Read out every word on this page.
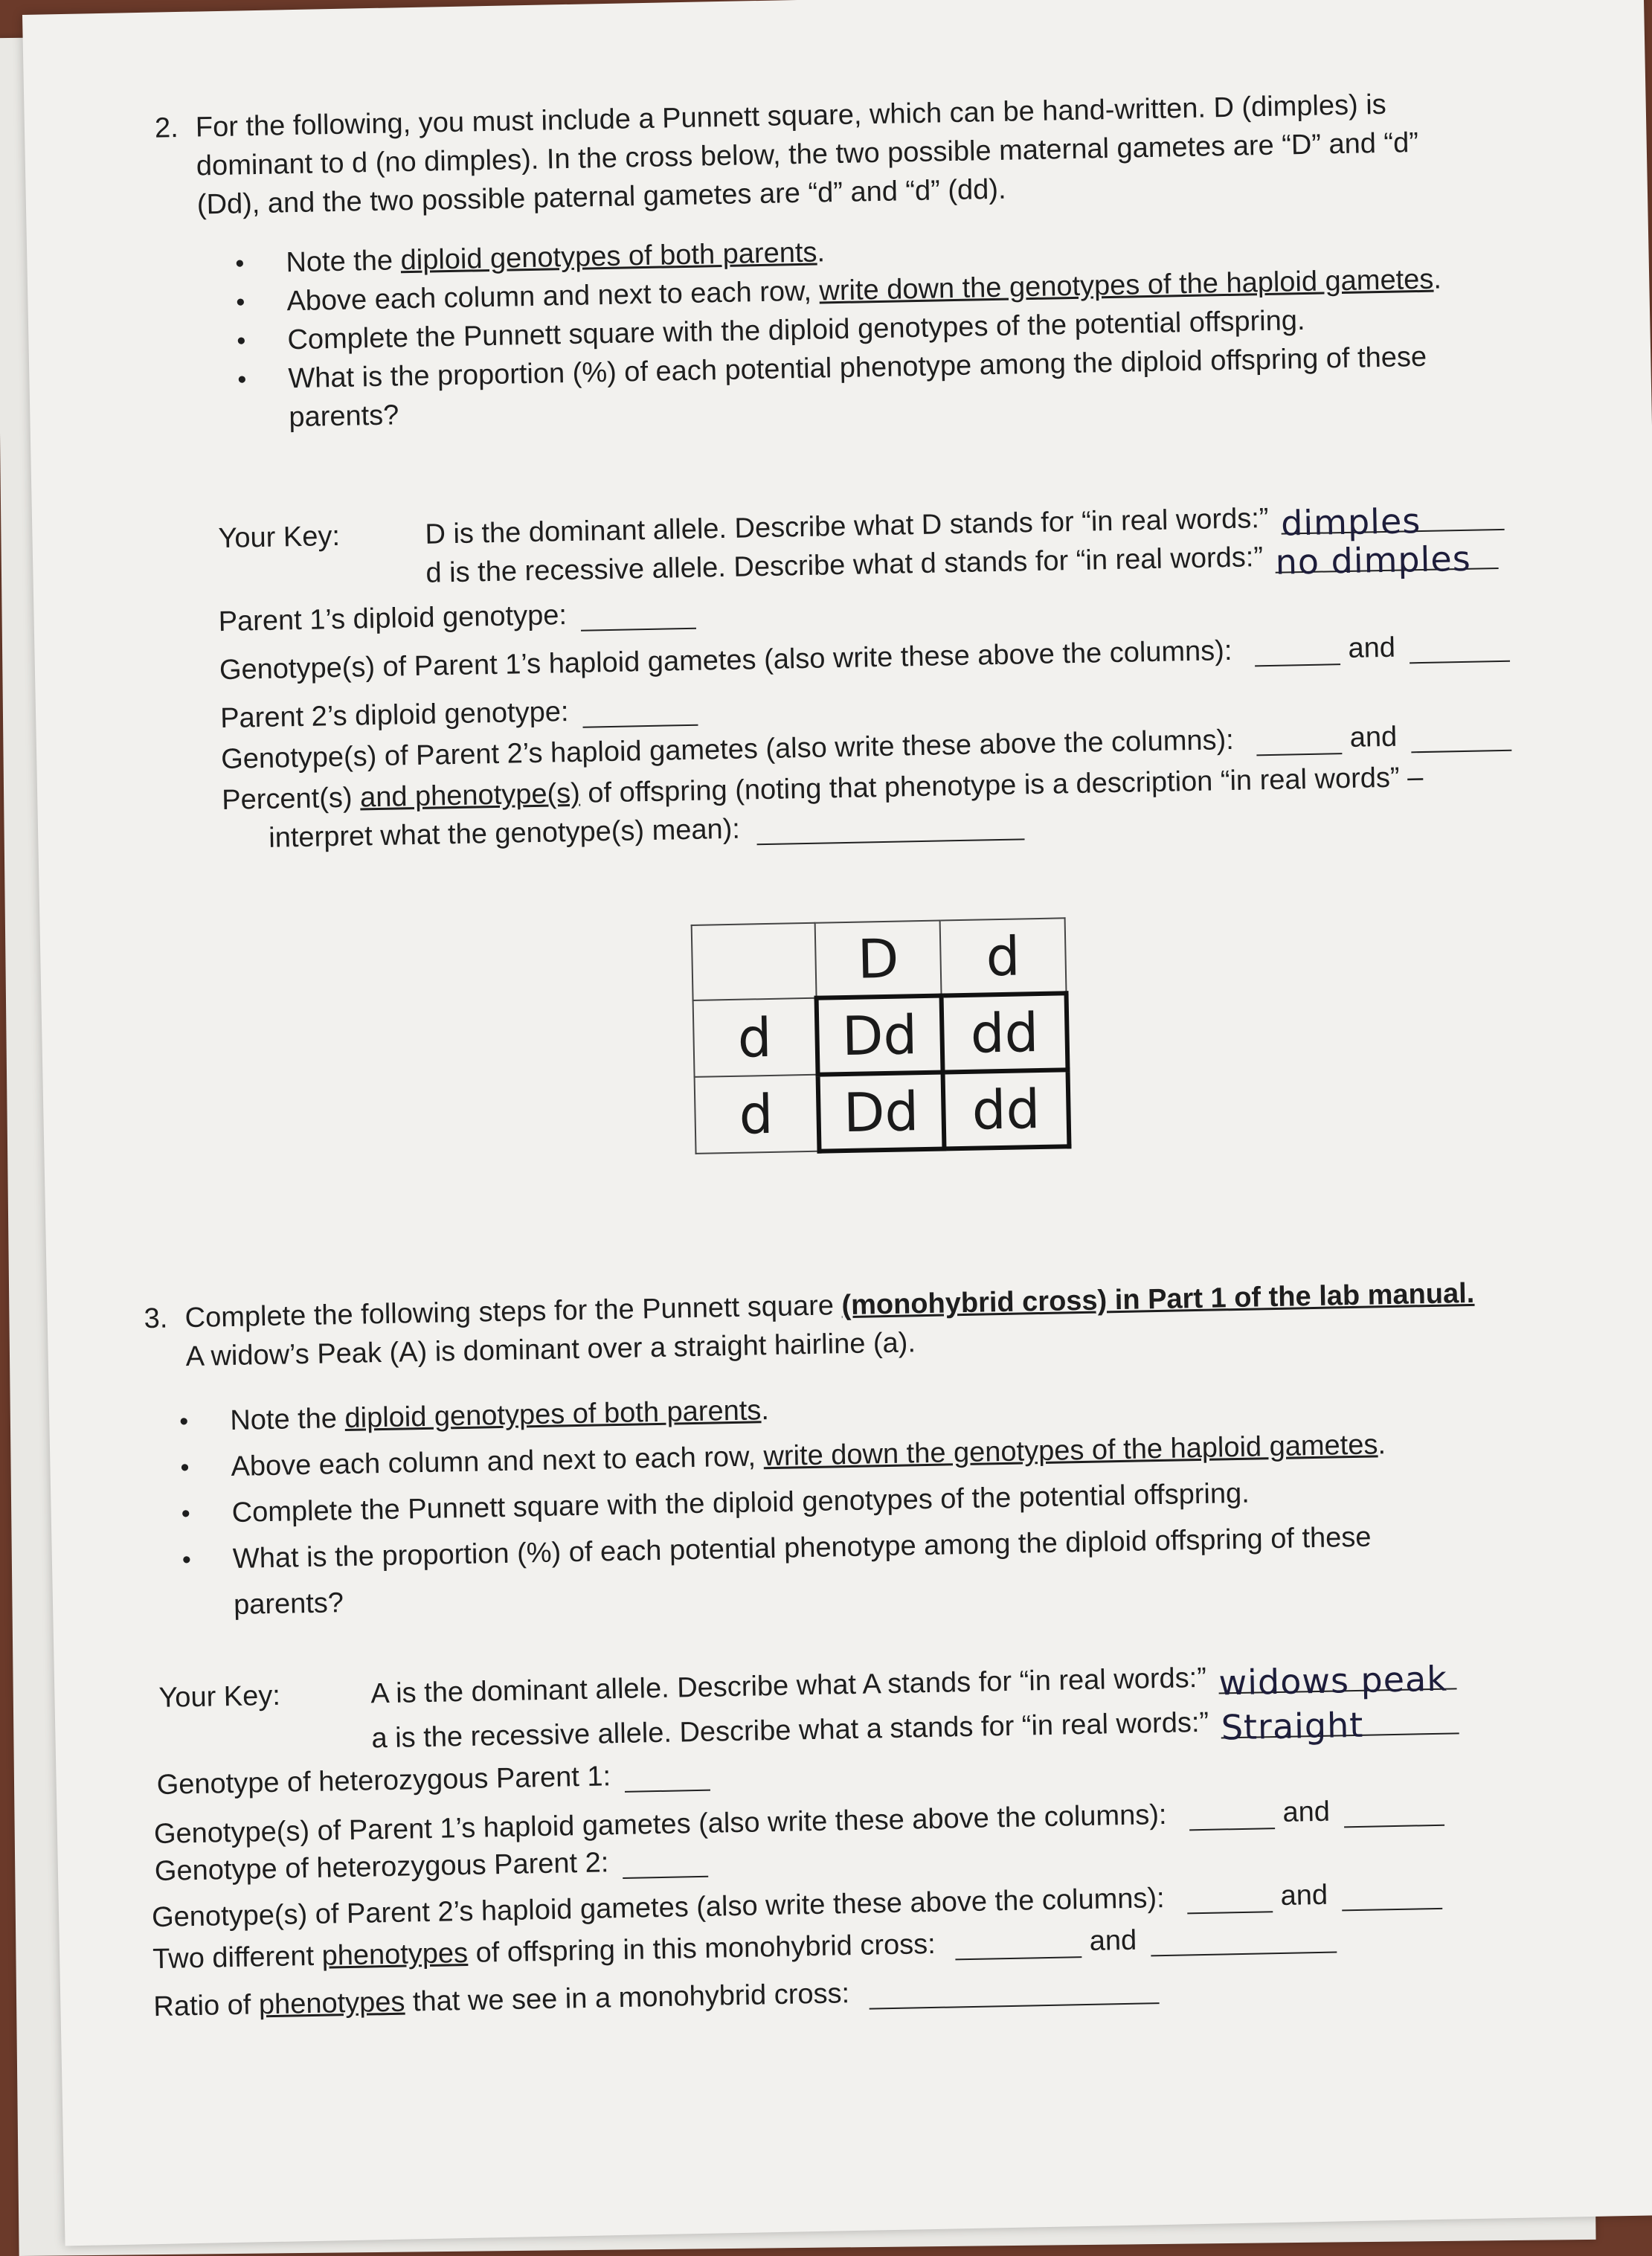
2. For the following, you must include a Punnett square, which can be hand-written. D (dimples) is
dominant to d (no dimples). In the cross below, the two possible maternal gametes are “D” and “d”
(Dd), and the two possible paternal gametes are “d” and “d” (dd).
• Note the diploid genotypes of both parents.
• Above each column and next to each row, write down the genotypes of the haploid gametes.
• Complete the Punnett square with the diploid genotypes of the potential offspring.
• What is the proportion (%) of each potential phenotype among the diploid offspring of these
parents?
Your Key:	D is the dominant allele. Describe what D stands for “in real words:” dimples
d is the recessive allele. Describe what d stands for “in real words:” no dimples
Parent 1’s diploid genotype:
Genotype(s) of Parent 1’s haploid gametes (also write these above the columns):	and
Parent 2’s diploid genotype:
Genotype(s) of Parent 2’s haploid gametes (also write these above the columns):	and
Percent(s) and phenotype(s) of offspring (noting that phenotype is a description “in real words” –
interpret what the genotype(s) mean):
	D	d
d	Dd	dd
d	Dd	dd
3. Complete the following steps for the Punnett square (monohybrid cross) in Part 1 of the lab manual.
A widow’s Peak (A) is dominant over a straight hairline (a).
• Note the diploid genotypes of both parents.
• Above each column and next to each row, write down the genotypes of the haploid gametes.
• Complete the Punnett square with the diploid genotypes of the potential offspring.
• What is the proportion (%) of each potential phenotype among the diploid offspring of these
parents?
Your Key:	A is the dominant allele. Describe what A stands for “in real words:” widows peak
a is the recessive allele. Describe what a stands for “in real words:” Straight
Genotype of heterozygous Parent 1:
Genotype(s) of Parent 1’s haploid gametes (also write these above the columns):	and
Genotype of heterozygous Parent 2:
Genotype(s) of Parent 2’s haploid gametes (also write these above the columns):	and
Two different phenotypes of offspring in this monohybrid cross:	and
Ratio of phenotypes that we see in a monohybrid cross:
